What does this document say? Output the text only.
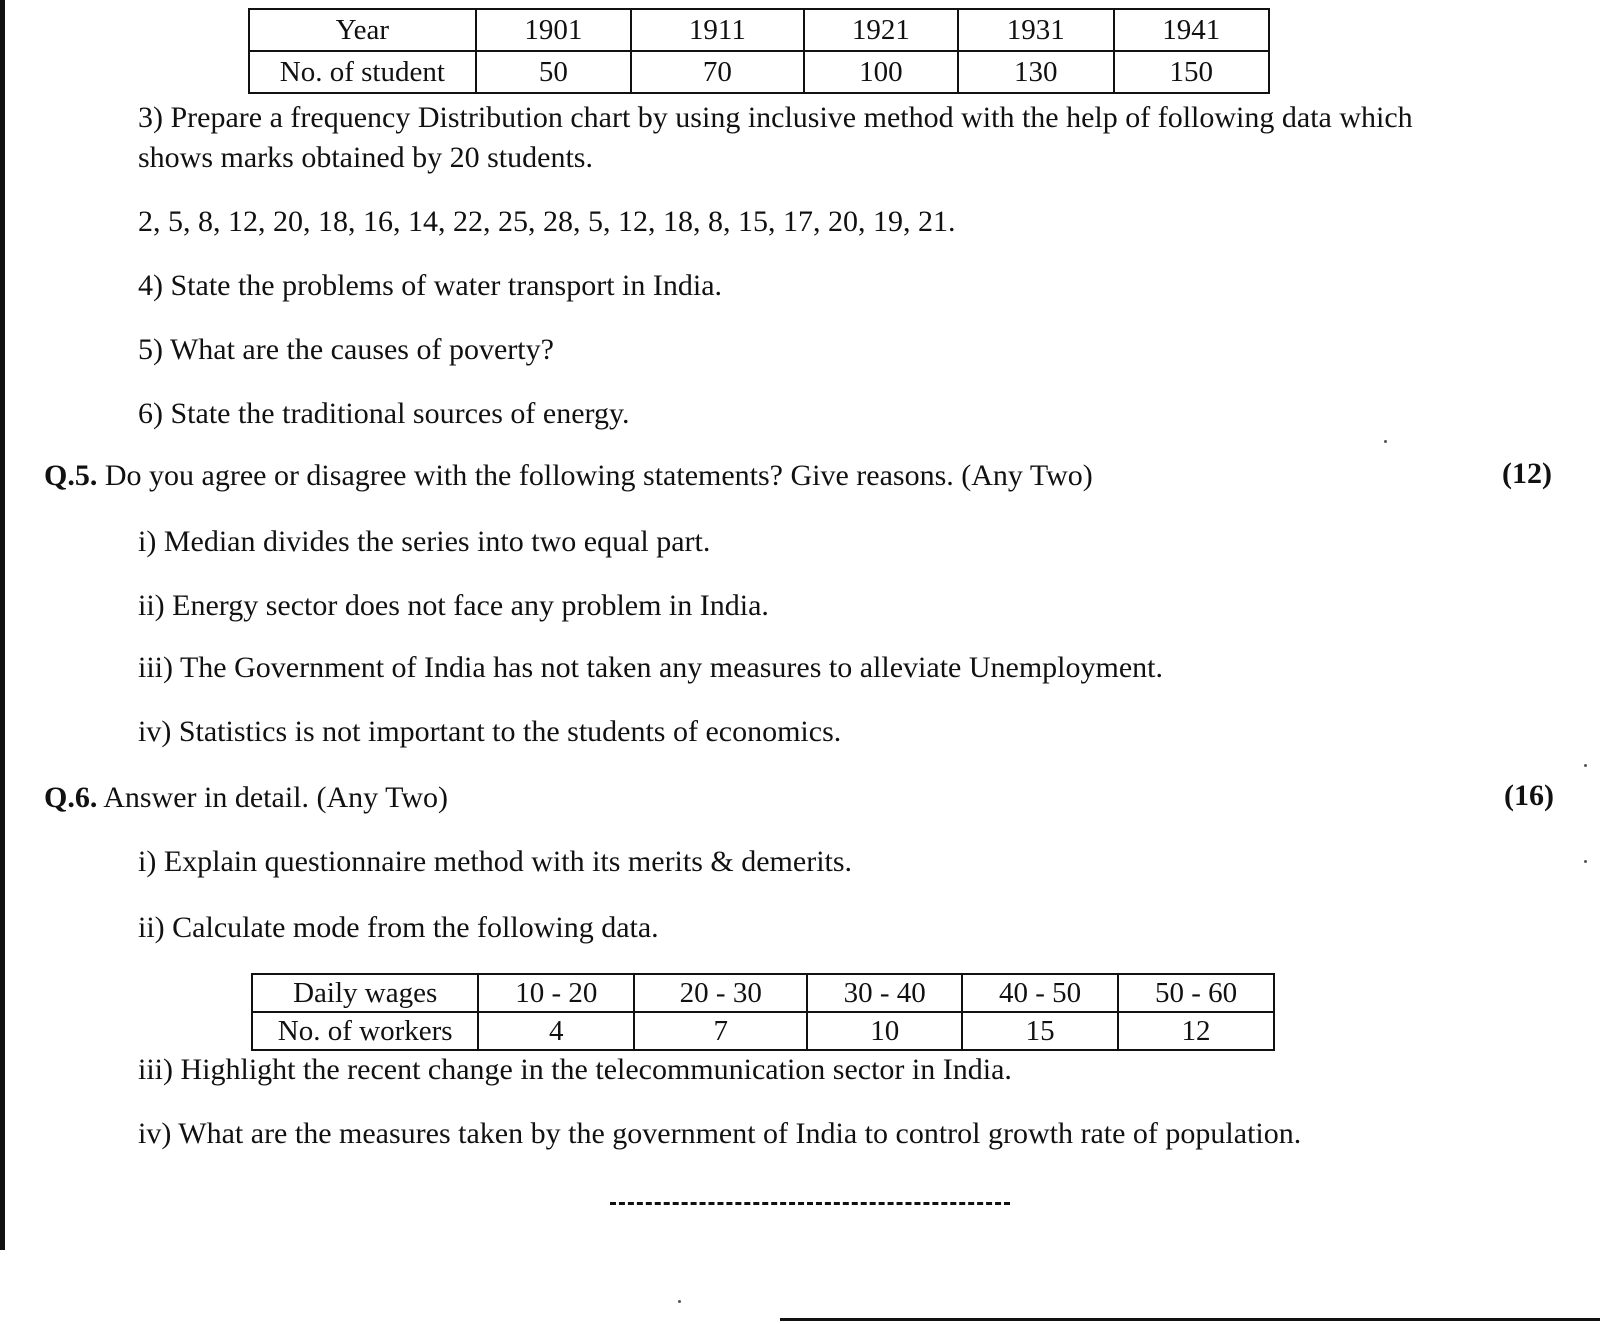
Year	1901	1911	1921	1931	1941
No. of student	50	70	100	130	150
3) Prepare a frequency Distribution chart by using inclusive method with the help of following data which
shows marks obtained by 20 students.
2, 5, 8, 12, 20, 18, 16, 14, 22, 25, 28, 5, 12, 18, 8, 15, 17, 20, 19, 21.
4) State the problems of water transport in India.
5) What are the causes of poverty?
6) State the traditional sources of energy.
Q.5. Do you agree or disagree with the following statements? Give reasons. (Any Two)	(12)
i) Median divides the series into two equal part.
ii) Energy sector does not face any problem in India.
iii) The Government of India has not taken any measures to alleviate Unemployment.
iv) Statistics is not important to the students of economics.
Q.6. Answer in detail. (Any Two)	(16)
i) Explain questionnaire method with its merits & demerits.
ii) Calculate mode from the following data.
Daily wages	10 - 20	20 - 30	30 - 40	40 - 50	50 - 60
No. of workers	4	7	10	15	12
iii) Highlight the recent change in the telecommunication sector in India.
iv) What are the measures taken by the government of India to control growth rate of population.
